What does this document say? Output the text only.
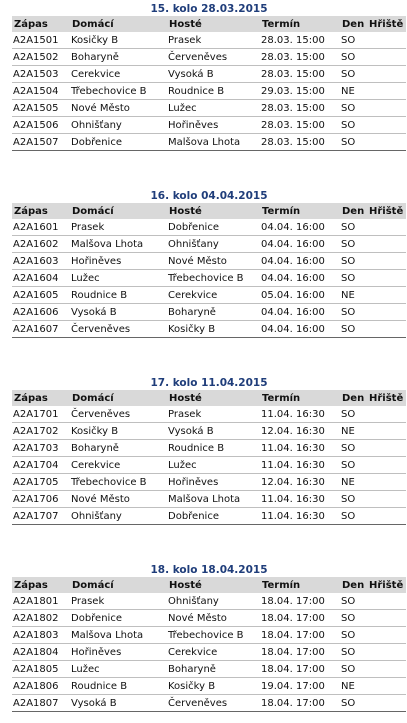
15. kolo 28.03.2015
Zápas	Domácí	Hosté	Termín	Den	Hřiště
A2A1501	Kosičky B	Prasek	28.03. 15:00	SO	
A2A1502	Boharyně	Červeněves	28.03. 15:00	SO	
A2A1503	Cerekvice	Vysoká B	28.03. 15:00	SO	
A2A1504	Třebechovice B	Roudnice B	29.03. 15:00	NE	
A2A1505	Nové Město	Lužec	28.03. 15:00	SO	
A2A1506	Ohnišťany	Hořiněves	28.03. 15:00	SO	
A2A1507	Dobřenice	Malšova Lhota	28.03. 15:00	SO	
16. kolo 04.04.2015
Zápas	Domácí	Hosté	Termín	Den	Hřiště
A2A1601	Prasek	Dobřenice	04.04. 16:00	SO	
A2A1602	Malšova Lhota	Ohnišťany	04.04. 16:00	SO	
A2A1603	Hořiněves	Nové Město	04.04. 16:00	SO	
A2A1604	Lužec	Třebechovice B	04.04. 16:00	SO	
A2A1605	Roudnice B	Cerekvice	05.04. 16:00	NE	
A2A1606	Vysoká B	Boharyně	04.04. 16:00	SO	
A2A1607	Červeněves	Kosičky B	04.04. 16:00	SO	
17. kolo 11.04.2015
Zápas	Domácí	Hosté	Termín	Den	Hřiště
A2A1701	Červeněves	Prasek	11.04. 16:30	SO	
A2A1702	Kosičky B	Vysoká B	12.04. 16:30	NE	
A2A1703	Boharyně	Roudnice B	11.04. 16:30	SO	
A2A1704	Cerekvice	Lužec	11.04. 16:30	SO	
A2A1705	Třebechovice B	Hořiněves	12.04. 16:30	NE	
A2A1706	Nové Město	Malšova Lhota	11.04. 16:30	SO	
A2A1707	Ohnišťany	Dobřenice	11.04. 16:30	SO	
18. kolo 18.04.2015
Zápas	Domácí	Hosté	Termín	Den	Hřiště
A2A1801	Prasek	Ohnišťany	18.04. 17:00	SO	
A2A1802	Dobřenice	Nové Město	18.04. 17:00	SO	
A2A1803	Malšova Lhota	Třebechovice B	18.04. 17:00	SO	
A2A1804	Hořiněves	Cerekvice	18.04. 17:00	SO	
A2A1805	Lužec	Boharyně	18.04. 17:00	SO	
A2A1806	Roudnice B	Kosičky B	19.04. 17:00	NE	
A2A1807	Vysoká B	Červeněves	18.04. 17:00	SO	
